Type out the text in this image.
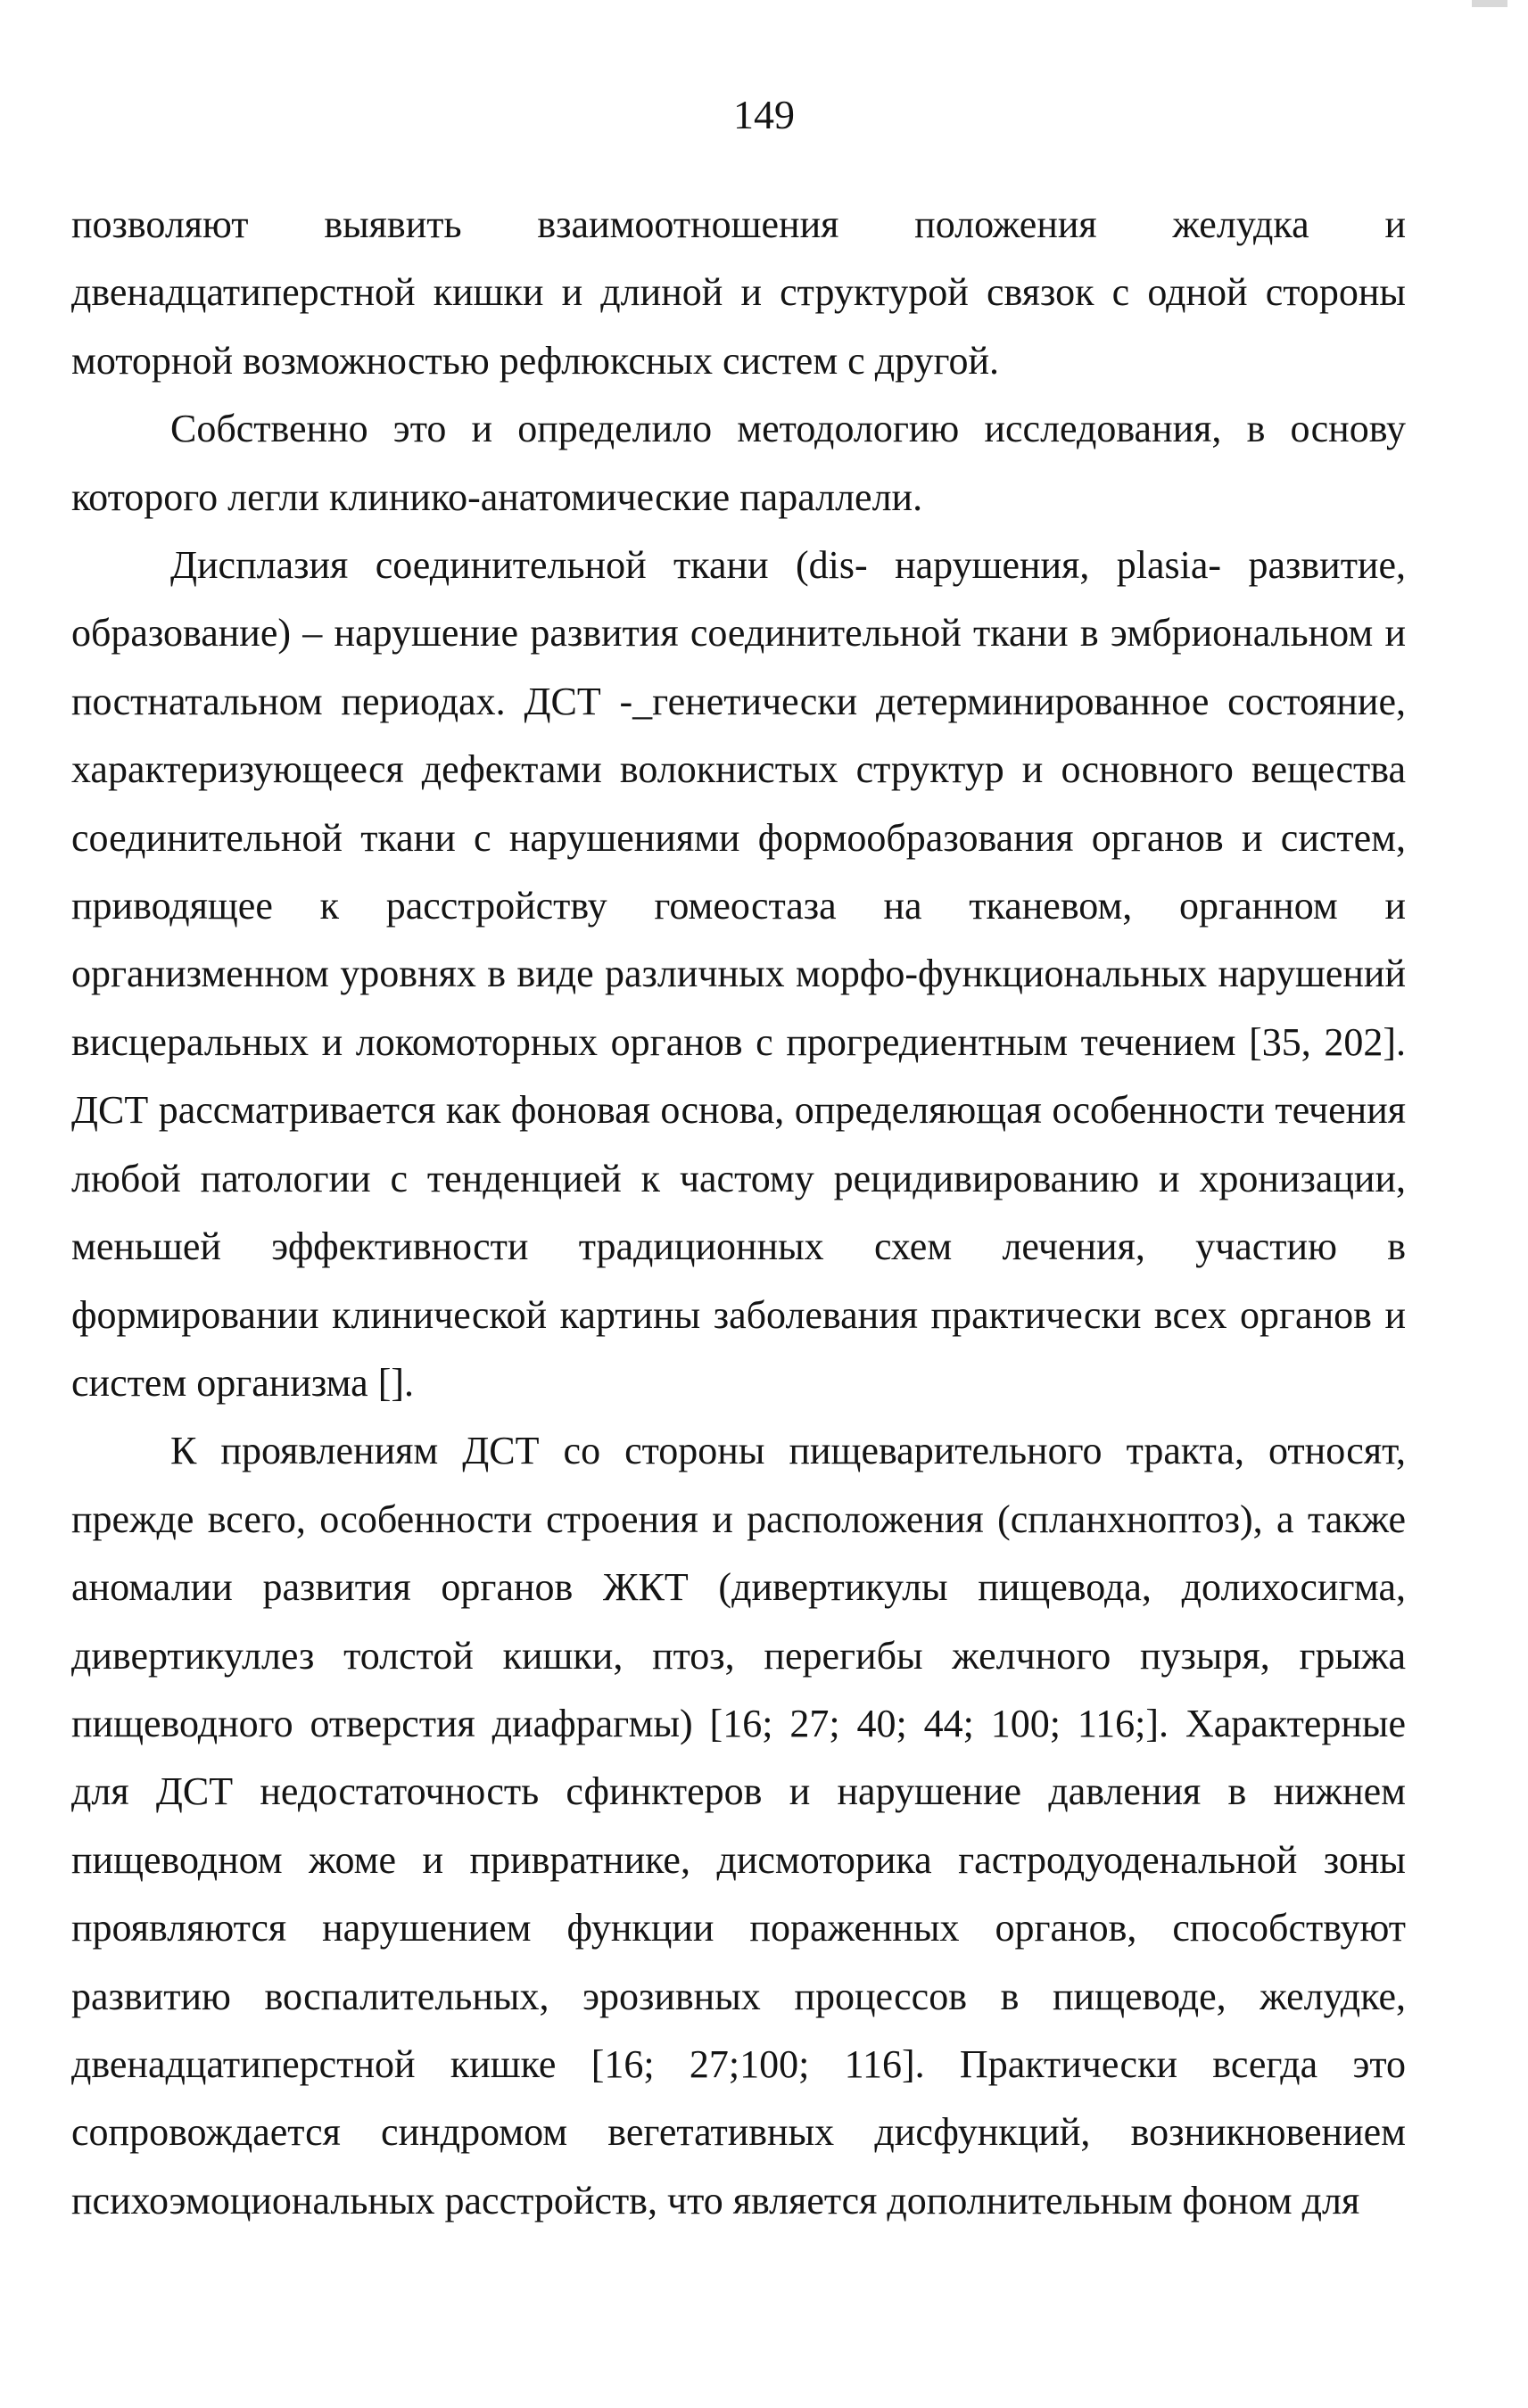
149

позволяют выявить взаимоотношения положения желудка и двенадцатиперстной кишки и длиной и структурой связок с одной стороны моторной возможностью рефлюксных систем с другой.

Собственно это и определило методологию исследования, в основу которого легли клинико-анатомические параллели.

Дисплазия соединительной ткани (dis- нарушения, plasia- развитие, образование) – нарушение развития соединительной ткани в эмбриональном и постнатальном периодах. ДСТ -_генетически детерминированное состояние, характеризующееся дефектами волокнистых структур и основного вещества соединительной ткани с нарушениями формообразования органов и систем, приводящее к расстройству гомеостаза на тканевом, органном и организменном уровнях в виде различных морфо-функциональных нарушений висцеральных и локомоторных органов с прогредиентным течением [35, 202]. ДСТ рассматривается как фоновая основа, определяющая особенности течения любой патологии с тенденцией к частому рецидивированию и хронизации, меньшей эффективности традиционных схем лечения, участию в формировании клинической картины заболевания практически всех органов и систем организма [].

К проявлениям ДСТ со стороны пищеварительного тракта, относят, прежде всего, особенности строения и расположения (спланхноптоз), а также аномалии развития органов ЖКТ (дивертикулы пищевода, долихосигма, дивертикуллез толстой кишки, птоз, перегибы желчного пузыря, грыжа пищеводного отверстия диафрагмы) [16; 27; 40; 44; 100; 116;]. Характерные для ДСТ недостаточность сфинктеров и нарушение давления в нижнем пищеводном жоме и привратнике, дисмоторика гастродуоденальной зоны проявляются нарушением функции пораженных органов, способствуют развитию воспалительных, эрозивных процессов в пищеводе, желудке, двенадцатиперстной кишке [16; 27;100; 116]. Практически всегда это сопровождается синдромом вегетативных дисфункций, возникновением психоэмоциональных расстройств, что является дополнительным фоном для
